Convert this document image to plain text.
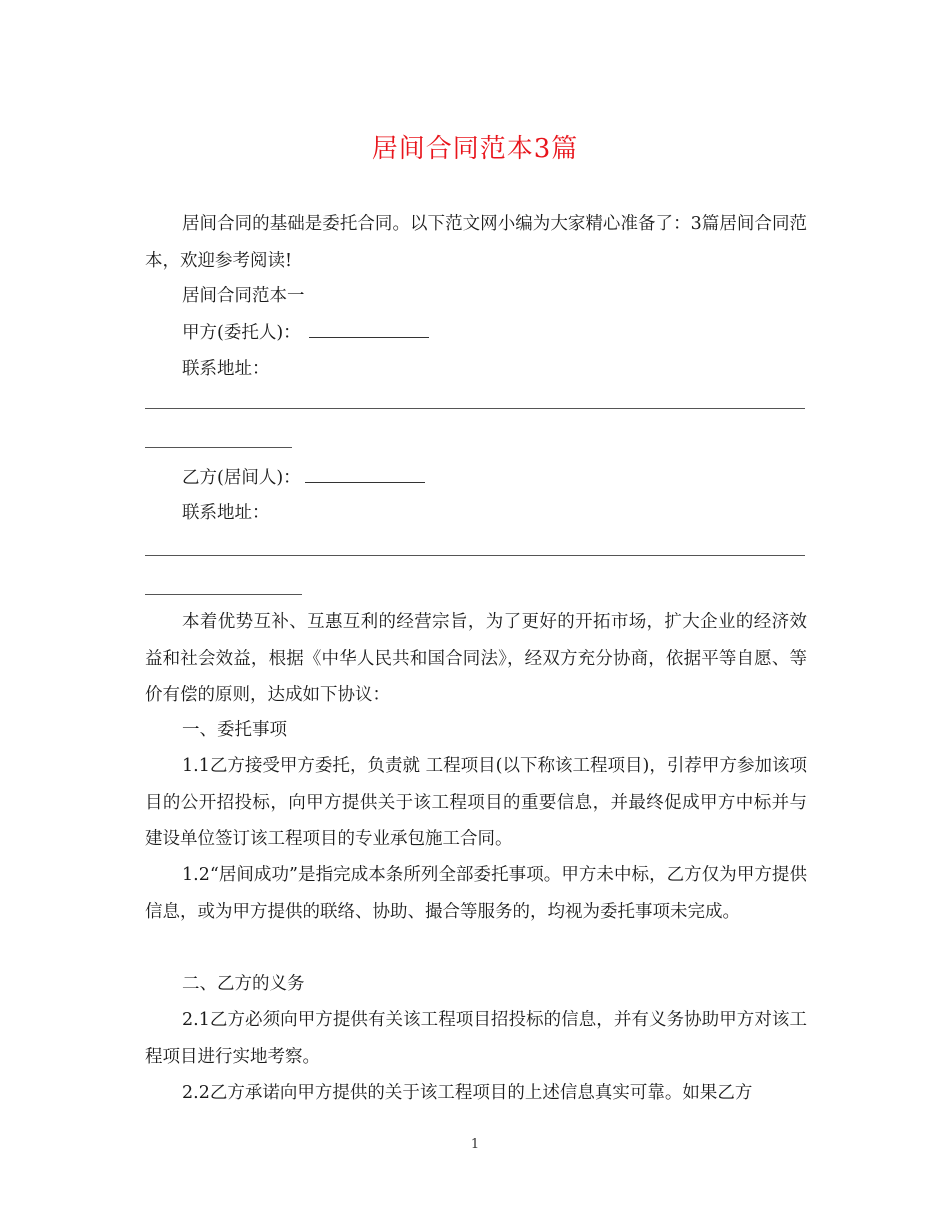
居间合同范本3篇

居间合同的基础是委托合同。以下范文网小编为大家精心准备了：3篇居间合同范本，欢迎参考阅读!

居间合同范本一

甲方(委托人)：

联系地址：

乙方(居间人)：

联系地址：

本着优势互补、互惠互利的经营宗旨，为了更好的开拓市场，扩大企业的经济效益和社会效益，根据《中华人民共和国合同法》，经双方充分协商，依据平等自愿、等价有偿的原则，达成如下协议：

一、委托事项

1.1乙方接受甲方委托，负责就 工程项目(以下称该工程项目)，引荐甲方参加该项目的公开招投标，向甲方提供关于该工程项目的重要信息，并最终促成甲方中标并与建设单位签订该工程项目的专业承包施工合同。

1.2“居间成功”是指完成本条所列全部委托事项。甲方未中标，乙方仅为甲方提供信息，或为甲方提供的联络、协助、撮合等服务的，均视为委托事项未完成。

二、乙方的义务

2.1乙方必须向甲方提供有关该工程项目招投标的信息，并有义务协助甲方对该工程项目进行实地考察。

2.2乙方承诺向甲方提供的关于该工程项目的上述信息真实可靠。如果乙方

1
